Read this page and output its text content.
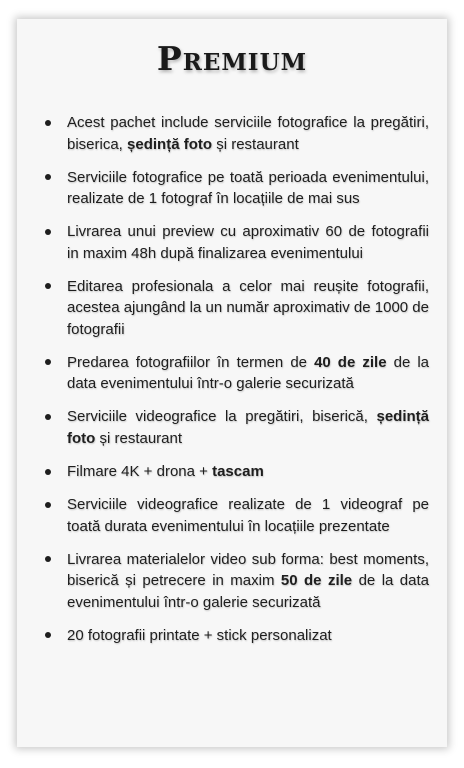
Premium
Acest pachet include serviciile fotografice la pregătiri, biserica, ședință foto și restaurant
Serviciile fotografice pe toată perioada evenimentului, realizate de 1 fotograf în locațiile de mai sus
Livrarea unui preview cu aproximativ 60 de fotografii in maxim 48h după finalizarea evenimentului
Editarea profesionala a celor mai reușite fotografii, acestea ajungând la un număr aproximativ de 1000 de fotografii
Predarea fotografiilor în termen de 40 de zile de la data evenimentului într-o galerie securizată
Serviciile videografice la pregătiri, biserică, ședință foto și restaurant
Filmare 4K + drona + tascam
Serviciile videografice realizate de 1 videograf pe toată durata evenimentului în locațiile prezentate
Livrarea materialelor video sub forma: best moments, biserică și petrecere in maxim 50 de zile de la data evenimentului într-o galerie securizată
20 fotografii printate + stick personalizat
